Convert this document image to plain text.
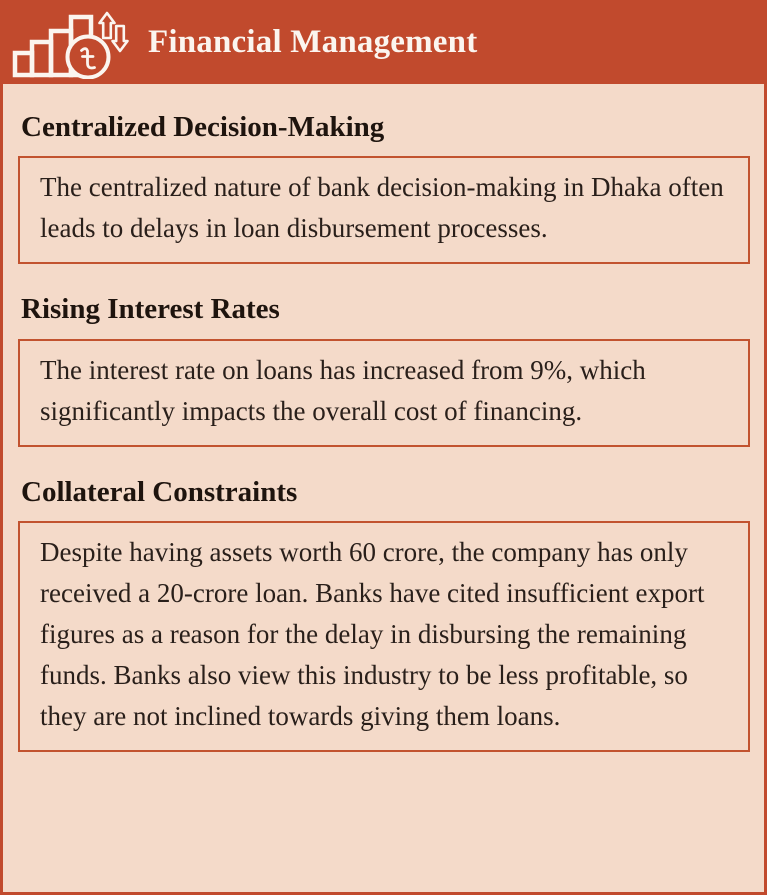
Financial Management
Centralized Decision-Making

The centralized nature of bank decision-making in Dhaka often leads to delays in loan disbursement processes.

Rising Interest Rates

The interest rate on loans has increased from 9%, which significantly impacts the overall cost of financing.

Collateral Constraints

Despite having assets worth 60 crore, the company has only received a 20-crore loan. Banks have cited insufficient export figures as a reason for the delay in disbursing the remaining funds. Banks also view this industry to be less profitable, so they are not inclined towards giving them loans.
